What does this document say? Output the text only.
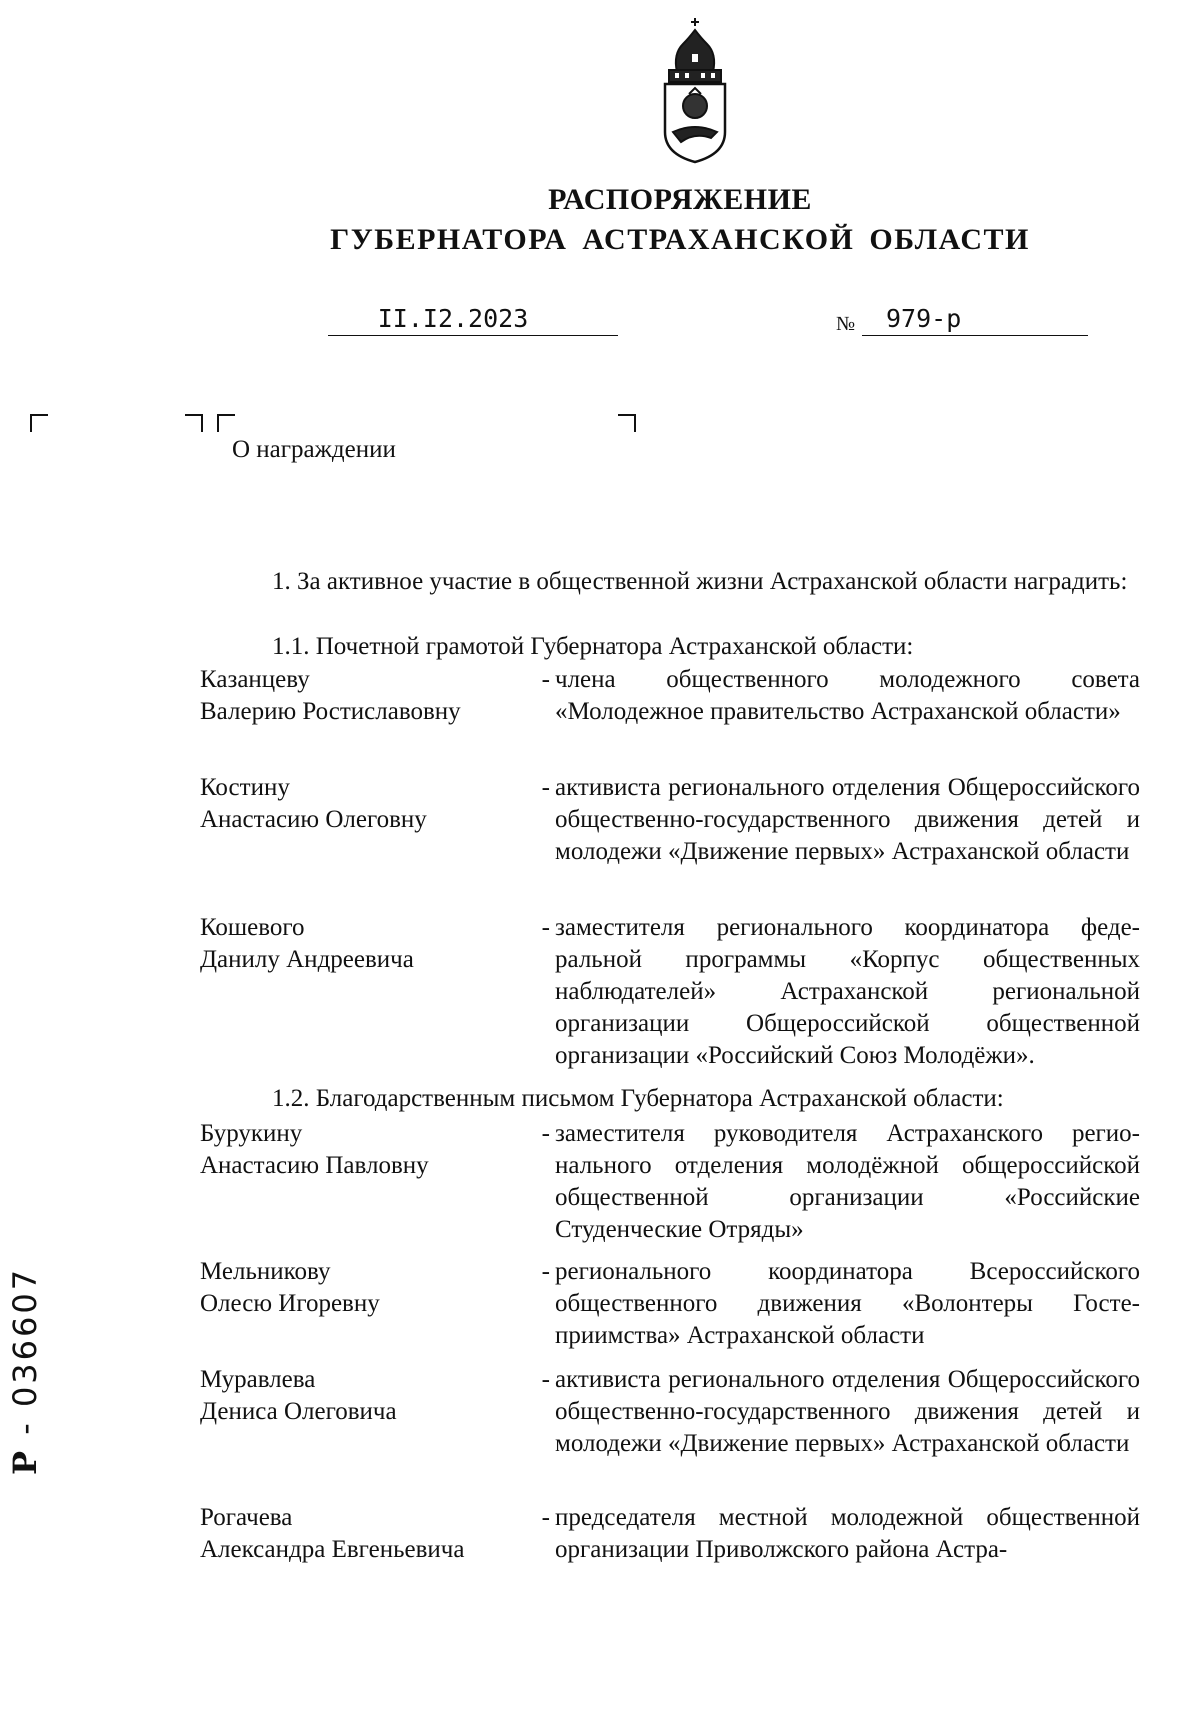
РАСПОРЯЖЕНИЕ
ГУБЕРНАТОРА АСТРАХАНСКОЙ ОБЛАСТИ
II.I2.2023	№	979-р
О награждении
1. За активное участие в общественной жизни Астраханской области наградить:
1.1. Почетной грамотой Губернатора Астраханской области:
1.2. Благодарственным письмом Губернатора Астраханской области:
Казанцеву
Валерию Ростиславовну
- члена общественного молодежного совета «Молодежное правительство Астраханской области»
Костину
Анастасию Олеговну
- активиста регионального отделения Общероссийского общественно-государственного движения детей и молодежи «Движение первых» Астраханской области
Кошевого
Данилу Андреевича
- заместителя регионального координатора федеральной программы «Корпус общественных наблюдателей» Астраханской региональной организации Общероссийской общественной организации «Российский Союз Молодёжи».
Бурукину
Анастасию Павловну
- заместителя руководителя Астраханского регионального отделения молодёжной общероссийской общественной организации «Российские Студенческие Отряды»
Мельникову
Олесю Игоревну
- регионального координатора Всероссийского общественного движения «Волонтеры Гостеприимства» Астраханской области
Муравлева
Дениса Олеговича
- активиста регионального отделения Общероссийского общественно-государственного движения детей и молодежи «Движение первых» Астраханской области
Рогачева
Александра Евгеньевича
- председателя местной молодежной общественной организации Приволжского района Астра-
Р - 036607
